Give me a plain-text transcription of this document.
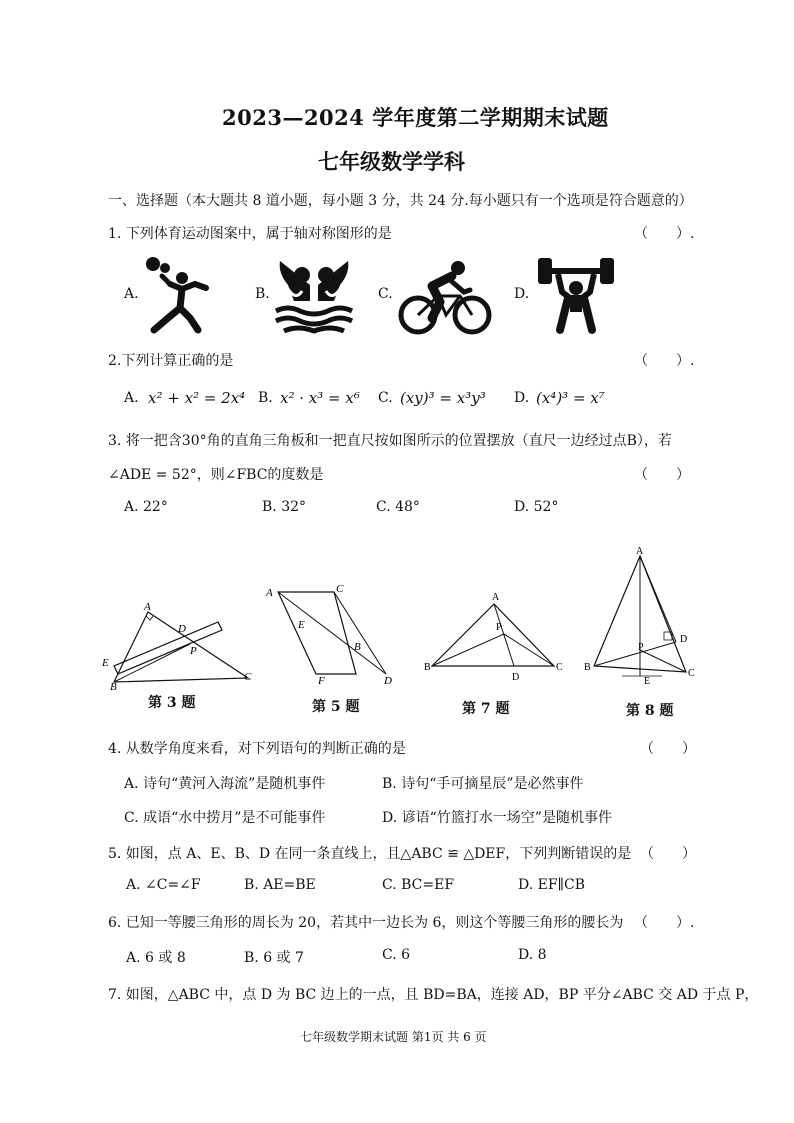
2023—2024 学年度第二学期期末试题
七年级数学学科
一、选择题（本大题共 8 道小题，每小题 3 分，共 24 分.每小题只有一个选项是符合题意的）
1. 下列体育运动图案中，属于轴对称图形的是	（　　）.
A.	B.	C.	D.
2.下列计算正确的是	（　　）.
A. x² + x² = 2x⁴ B. x² · x³ = x⁶ C. (xy)³ = x³y³ D. (x⁴)³ = x⁷
3. 将一把含30°角的直角三角板和一把直尺按如图所示的位置摆放（直尺一边经过点B），若
∠ADE = 52°，则∠FBC的度数是	（　　）
A. 22°	B. 32°	C. 48°	D. 52°
A
D
P
E
B
C
A	C
E
B
F	D
A
P
B
D
C
A
P
D
B
E
C
第 3 题	第 5 题	第 7 题	第 8 题
4. 从数学角度来看，对下列语句的判断正确的是	（　　）
A. 诗句“黄河入海流”是随机事件	B. 诗句“手可摘星辰”是必然事件
C. 成语“水中捞月”是不可能事件	D. 谚语“竹篮打水一场空”是随机事件
5. 如图，点 A、E、B、D 在同一条直线上，且△ABC ≌ △DEF，下列判断错误的是 （　　）
A. ∠C=∠F	B. AE=BE	C. BC=EF	D. EF∥CB
6. 已知一等腰三角形的周长为 20，若其中一边长为 6，则这个等腰三角形的腰长为 （　　）.
A. 6 或 8	B. 6 或 7	C. 6	D. 8
7. 如图，△ABC 中，点 D 为 BC 边上的一点，且 BD=BA，连接 AD，BP 平分∠ABC 交 AD 于点 P，
七年级数学期末试题 第1页 共 6 页
